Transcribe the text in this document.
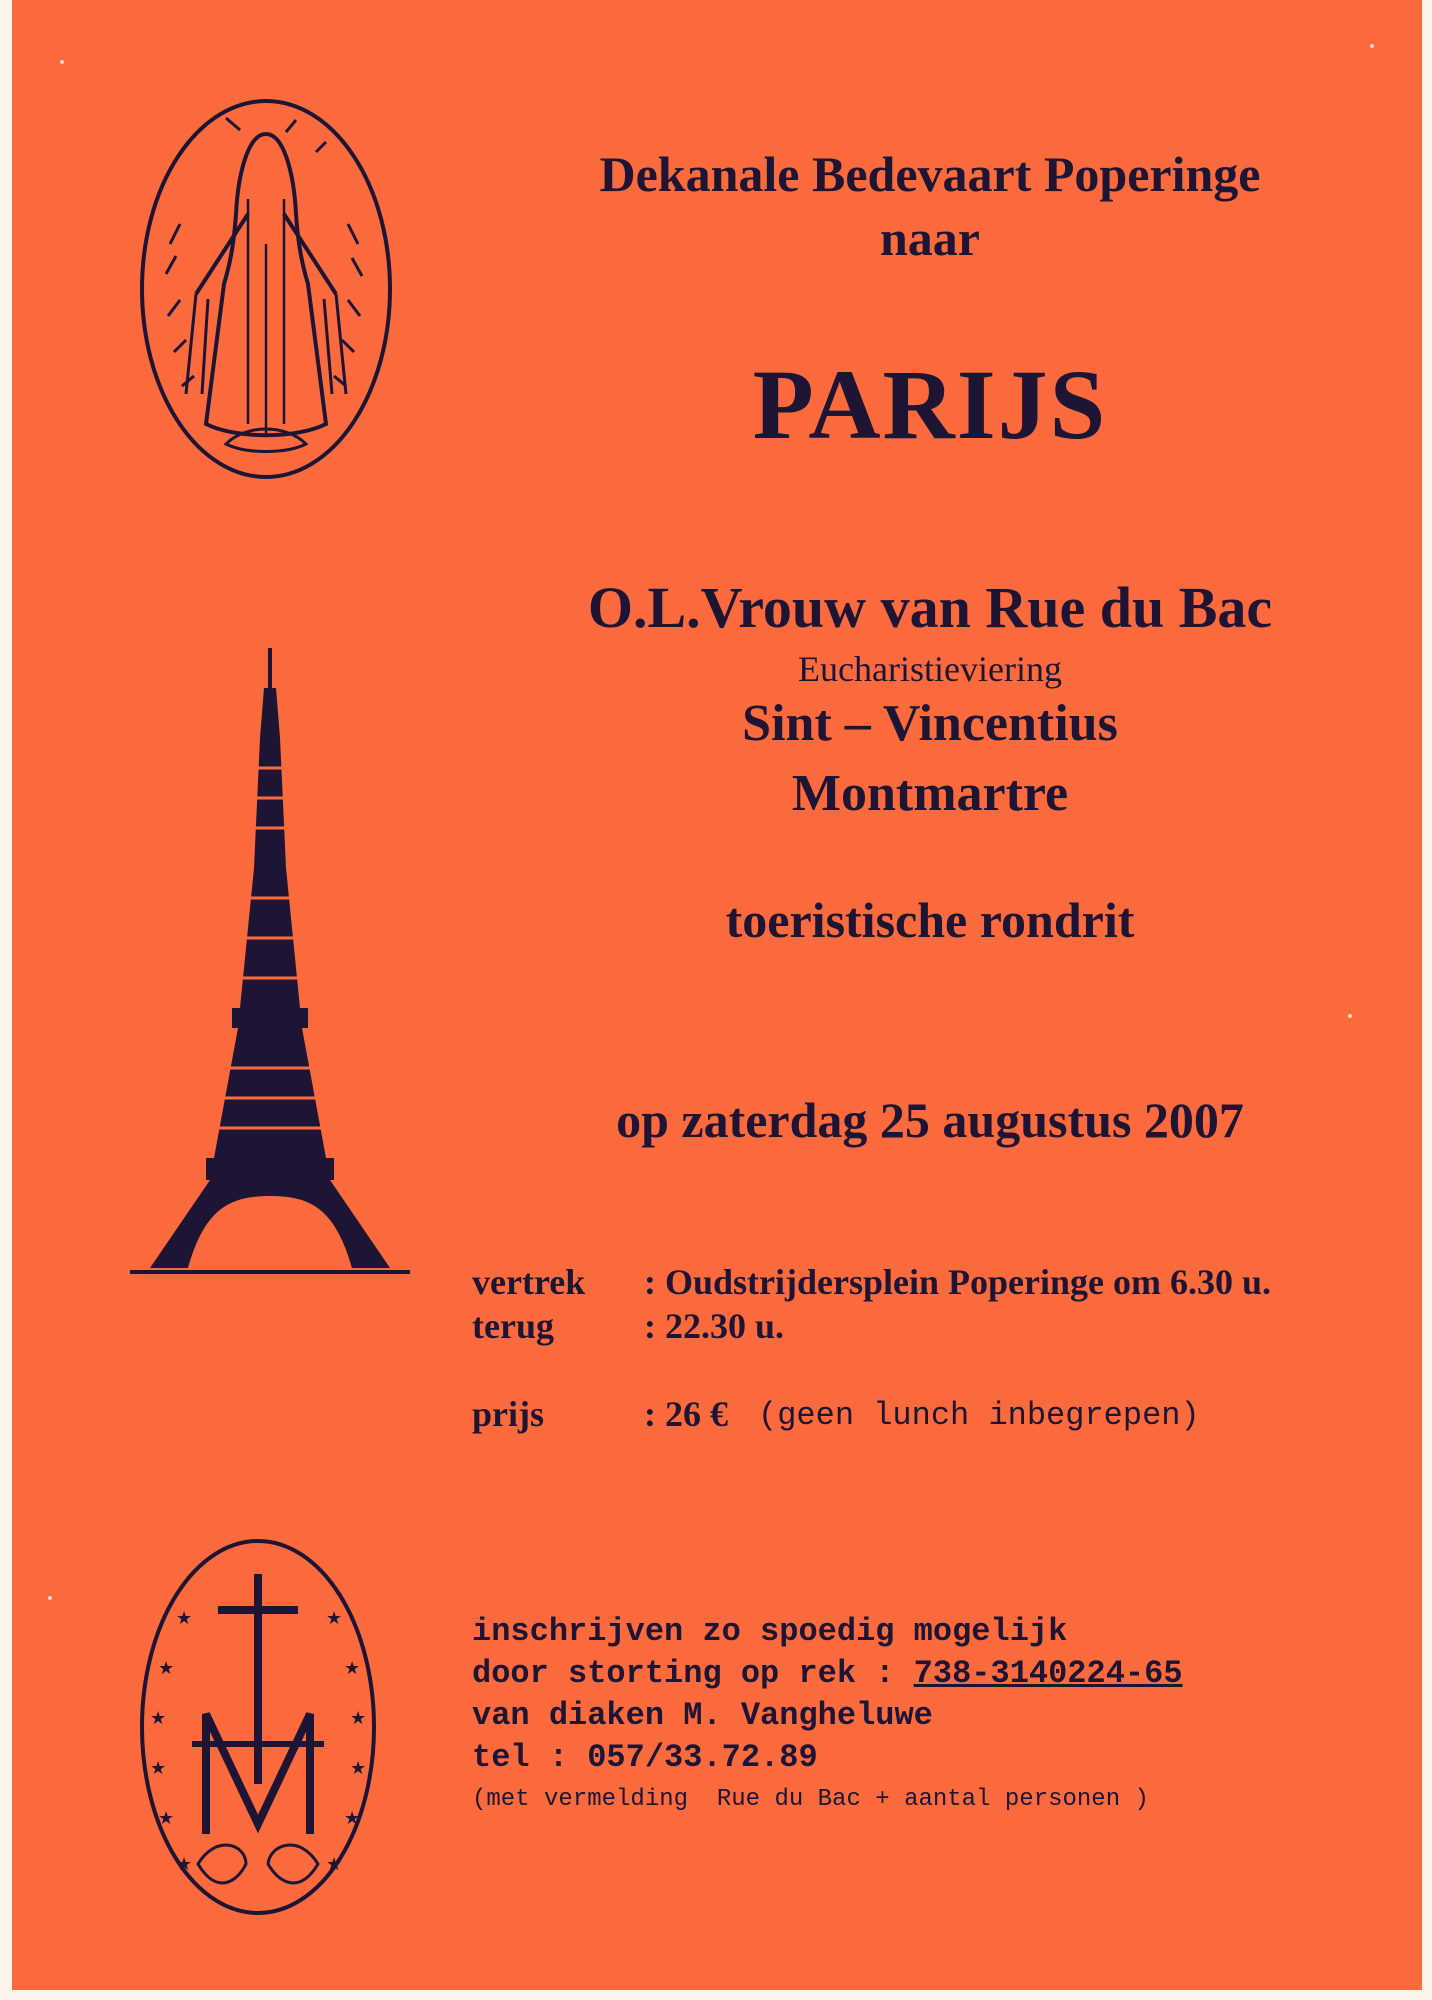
★
★
★
★
★
★
★
★
★
★
★
★
Dekanale Bedevaart Poperinge
naar
PARIJS
O.L.Vrouw van Rue du Bac
Eucharistieviering
Sint – Vincentius
Montmartre
toeristische rondrit
op zaterdag 25 augustus 2007
vertrek : Oudstrijdersplein Poperinge om 6.30 u.
terug	: 22.30 u.
prijs	: 26 € (geen lunch inbegrepen)
inschrijven zo spoedig mogelijk
door storting op rek : 738-3140224-65
van diaken M. Vangheluwe
tel : 057/33.72.89
(met vermelding  Rue du Bac + aantal personen )
